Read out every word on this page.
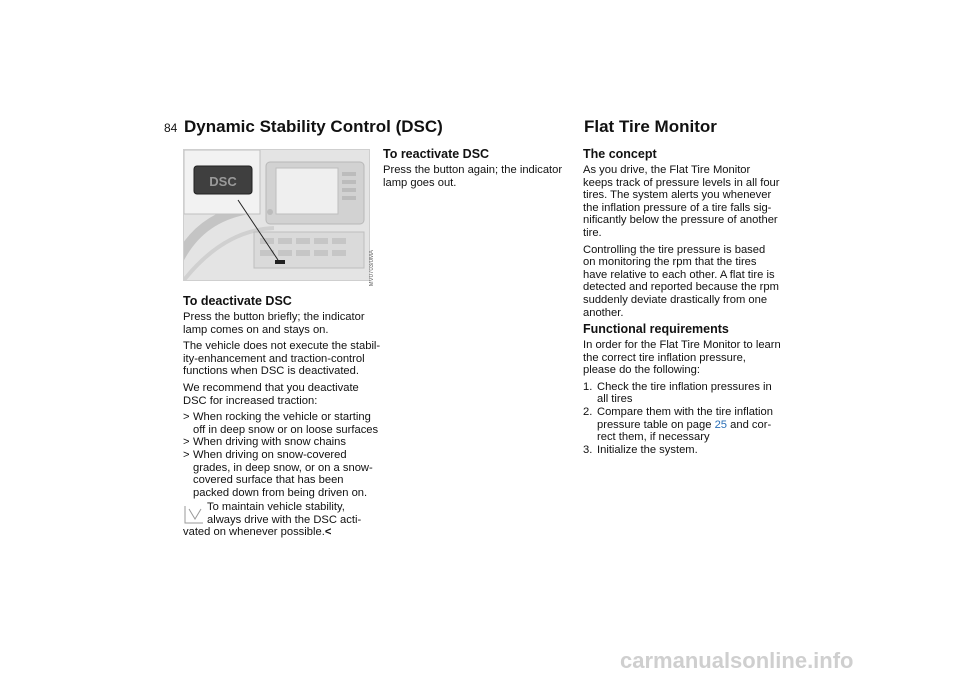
84 Dynamic Stability Control (DSC)	Flat Tire Monitor
DSC
MV0703/0MA
To deactivate DSC

Press the button briefly; the indicator
lamp comes on and stays on.

The vehicle does not execute the stabil-
ity-enhancement and traction-control
functions when DSC is deactivated.

We recommend that you deactivate
DSC for increased traction:

> When rocking the vehicle or starting
off in deep snow or on loose surfaces
> When driving with snow chains
> When driving on snow-covered
grades, in deep snow, or on a snow-
covered surface that has been
packed down from being driven on.
To maintain vehicle stability,
always drive with the DSC acti-
vated on whenever possible.<
To reactivate DSC

Press the button again; the indicator
lamp goes out.

The concept

As you drive, the Flat Tire Monitor
keeps track of pressure levels in all four
tires. The system alerts you whenever
the inflation pressure of a tire falls sig-
nificantly below the pressure of another
tire.

Controlling the tire pressure is based
on monitoring the rpm that the tires
have relative to each other. A flat tire is
detected and reported because the rpm
suddenly deviate drastically from one
another.

Functional requirements

In order for the Flat Tire Monitor to learn
the correct tire inflation pressure,
please do the following:

1. Check the tire inflation pressures in
all tires
2. Compare them with the tire inflation
pressure table on page 25 and cor-
rect them, if necessary
3. Initialize the system.
carmanualsonline.info
